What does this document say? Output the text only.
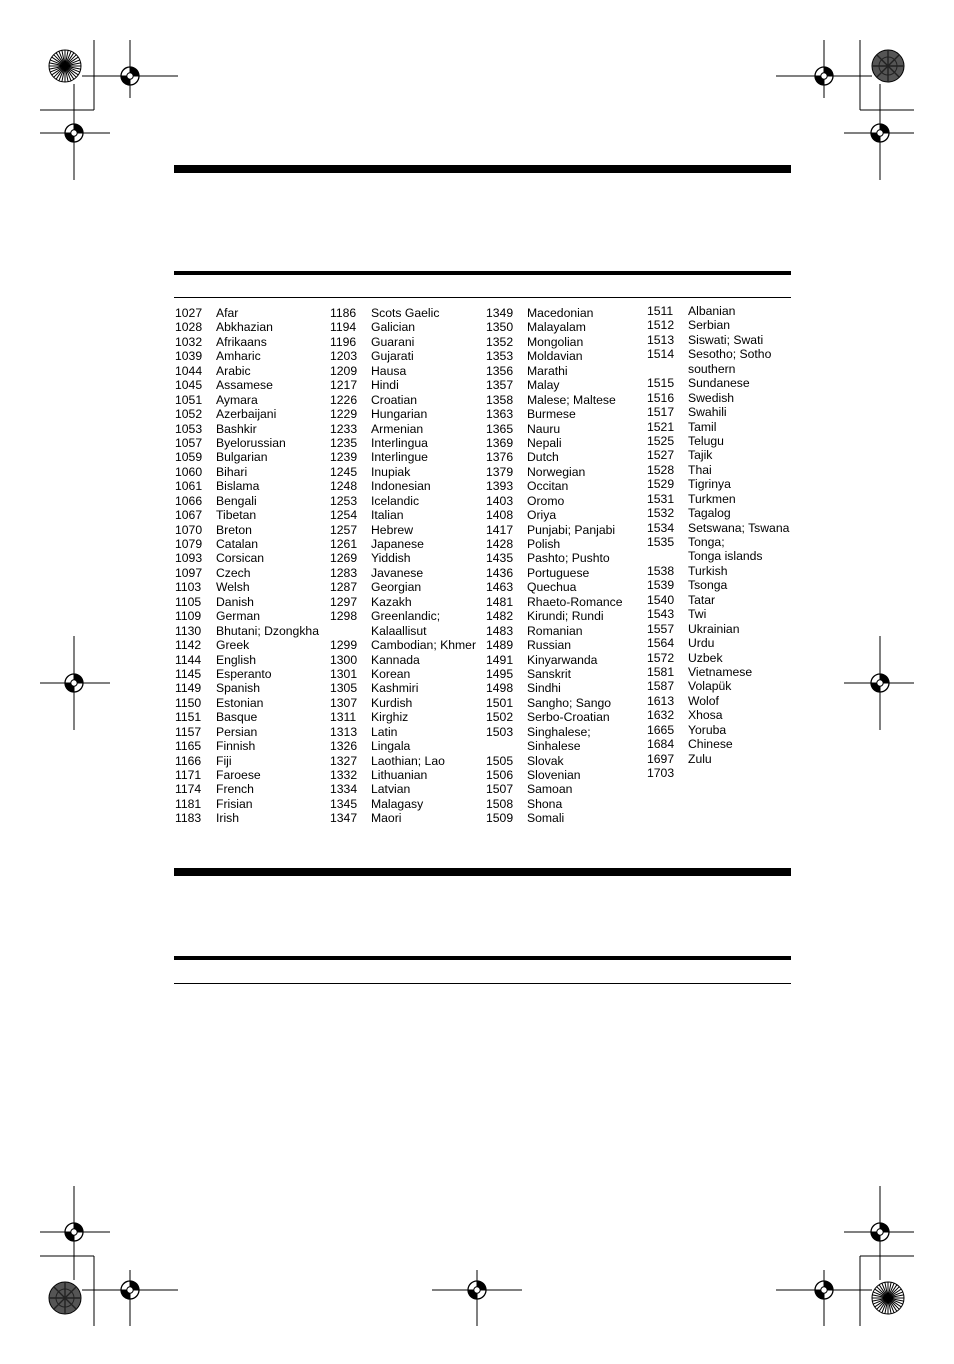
1027 Afar
1028 Abkhazian
1032 Afrikaans
1039 Amharic
1044 Arabic
1045 Assamese
1051 Aymara
1052 Azerbaijani
1053 Bashkir
1057 Byelorussian
1059 Bulgarian
1060 Bihari
1061 Bislama
1066 Bengali
1067 Tibetan
1070 Breton
1079 Catalan
1093 Corsican
1097 Czech
1103 Welsh
1105 Danish
1109 German
1130 Bhutani; Dzongkha
1142 Greek
1144 English
1145 Esperanto
1149 Spanish
1150 Estonian
1151 Basque
1157 Persian
1165 Finnish
1166 Fiji
1171 Faroese
1174 French
1181 Frisian
1183 Irish
1186 Scots Gaelic
1194 Galician
1196 Guarani
1203 Gujarati
1209 Hausa
1217 Hindi
1226 Croatian
1229 Hungarian
1233 Armenian
1235 Interlingua
1239 Interlingue
1245 Inupiak
1248 Indonesian
1253 Icelandic
1254 Italian
1257 Hebrew
1261 Japanese
1269 Yiddish
1283 Javanese
1287 Georgian
1297 Kazakh
1298 Greenlandic;
Kalaallisut
1299 Cambodian; Khmer
1300 Kannada
1301 Korean
1305 Kashmiri
1307 Kurdish
1311 Kirghiz
1313 Latin
1326 Lingala
1327 Laothian; Lao
1332 Lithuanian
1334 Latvian
1345 Malagasy
1347 Maori
1349 Macedonian
1350 Malayalam
1352 Mongolian
1353 Moldavian
1356 Marathi
1357 Malay
1358 Malese; Maltese
1363 Burmese
1365 Nauru
1369 Nepali
1376 Dutch
1379 Norwegian
1393 Occitan
1403 Oromo
1408 Oriya
1417 Punjabi; Panjabi
1428 Polish
1435 Pashto; Pushto
1436 Portuguese
1463 Quechua
1481 Rhaeto-Romance
1482 Kirundi; Rundi
1483 Romanian
1489 Russian
1491 Kinyarwanda
1495 Sanskrit
1498 Sindhi
1501 Sangho; Sango
1502 Serbo-Croatian
1503 Singhalese;
Sinhalese
1505 Slovak
1506 Slovenian
1507 Samoan
1508 Shona
1509 Somali
1511 Albanian
1512 Serbian
1513 Siswati; Swati
1514 Sesotho; Sotho
southern
1515 Sundanese
1516 Swedish
1517 Swahili
1521 Tamil
1525 Telugu
1527 Tajik
1528 Thai
1529 Tigrinya
1531 Turkmen
1532 Tagalog
1534 Setswana; Tswana
1535 Tonga;
Tonga islands
1538 Turkish
1539 Tsonga
1540 Tatar
1543 Twi
1557 Ukrainian
1564 Urdu
1572 Uzbek
1581 Vietnamese
1587 Volapük
1613 Wolof
1632 Xhosa
1665 Yoruba
1684 Chinese
1697 Zulu
1703
